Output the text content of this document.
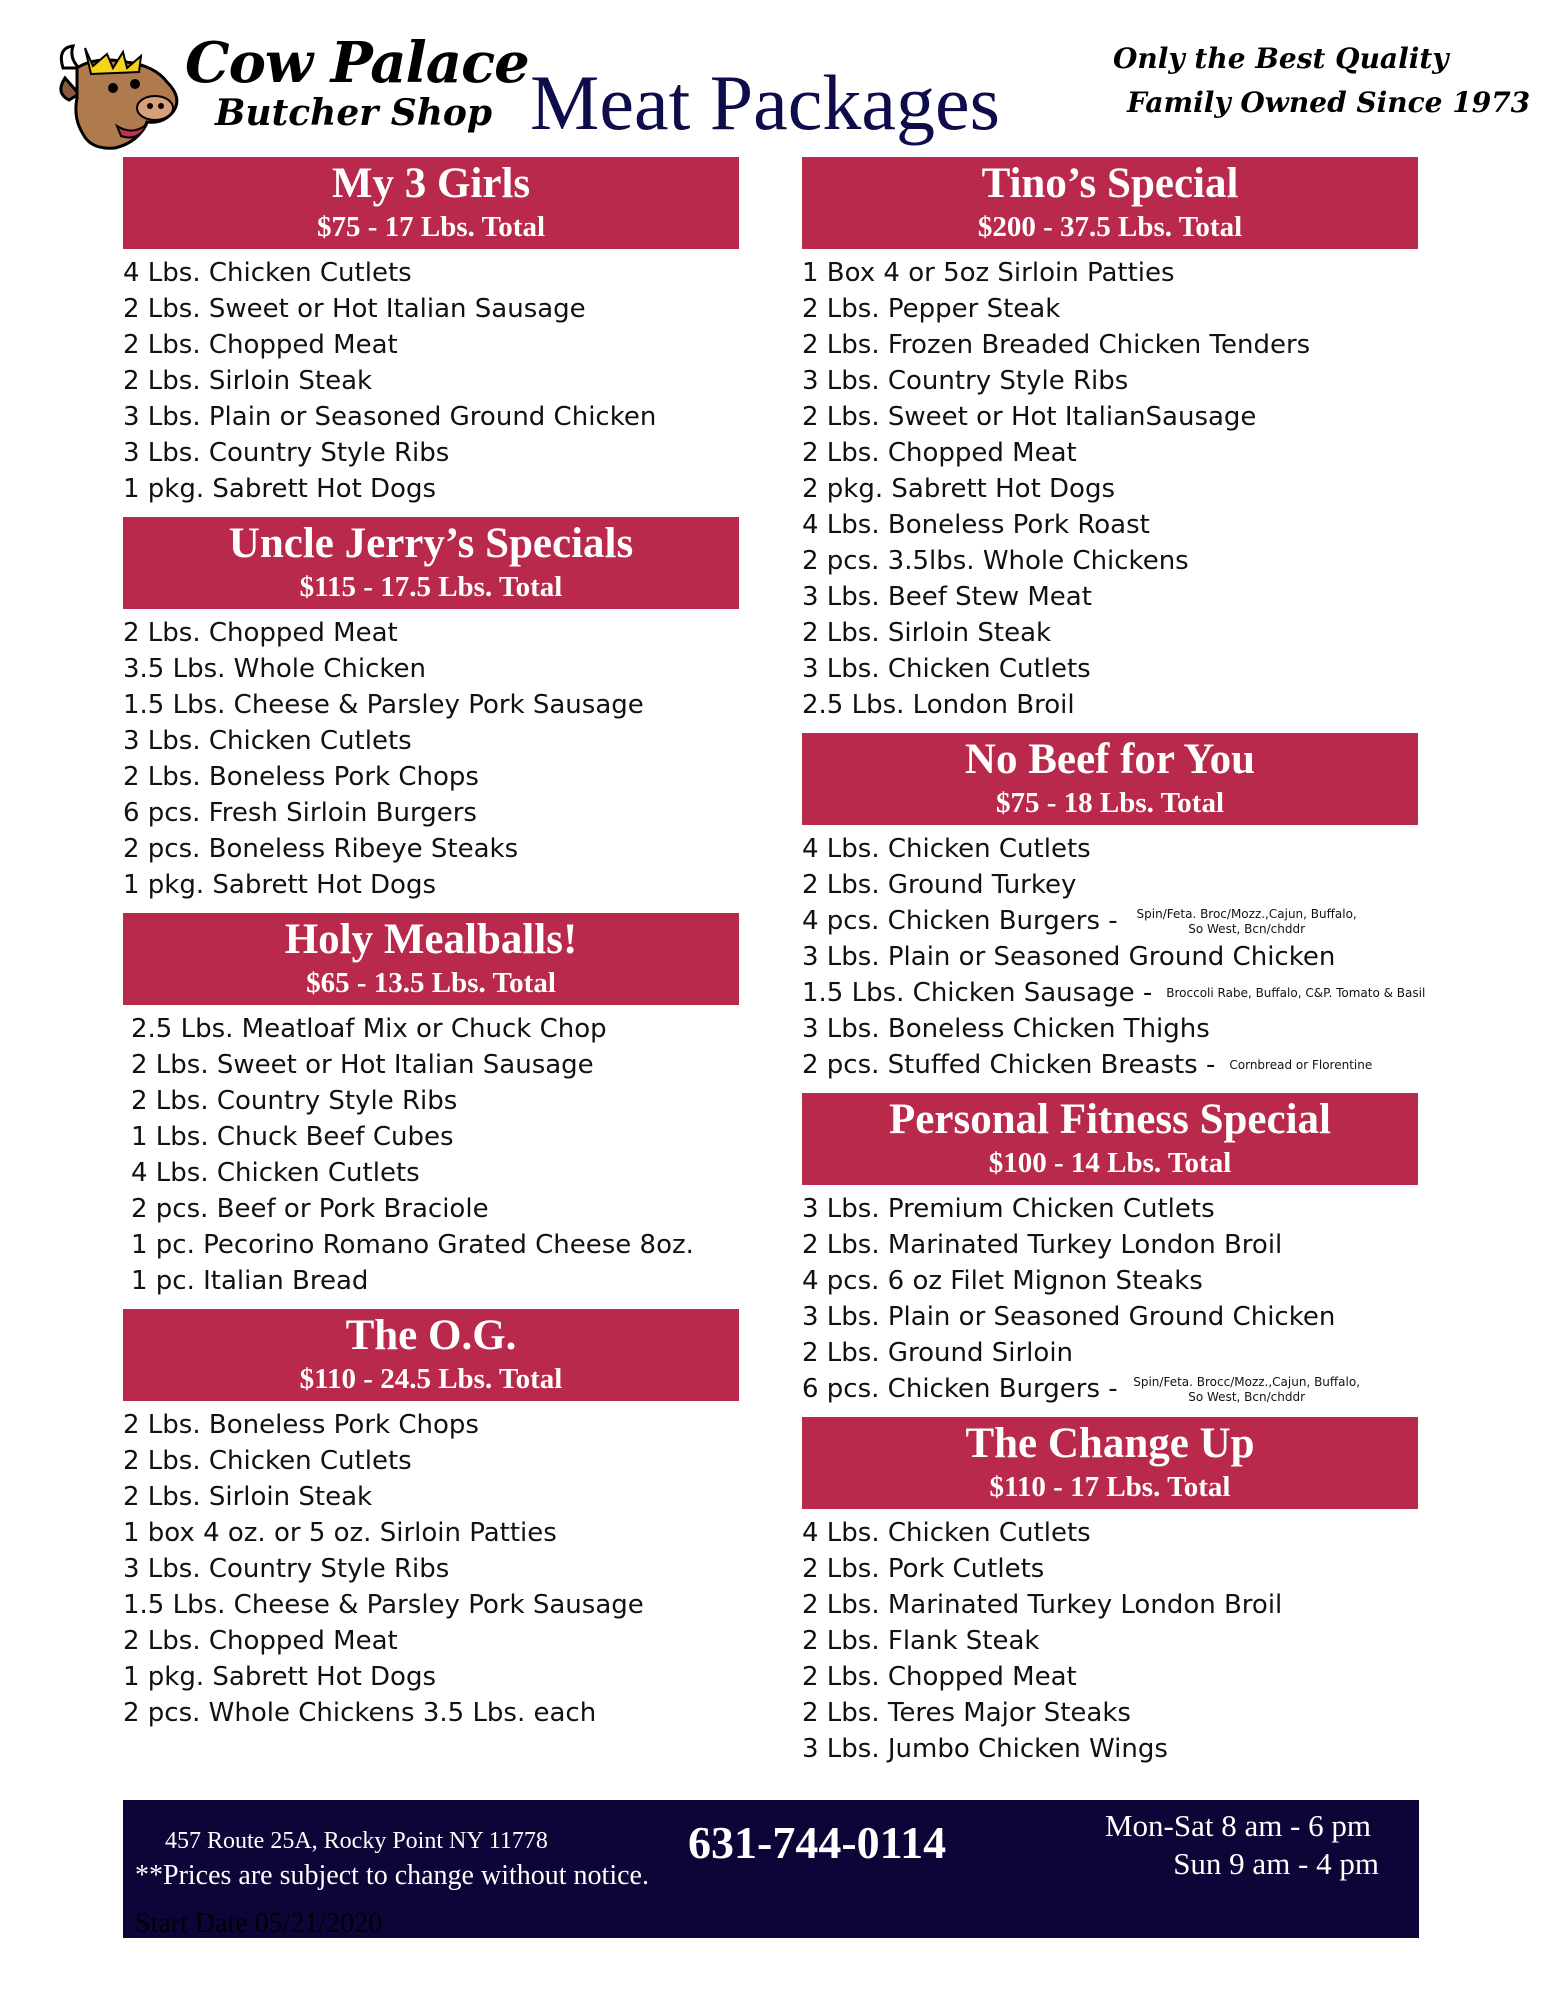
Cow Palace
Butcher Shop Meat Packages
Only the Best Quality
Family Owned Since 1973
My 3 Girls
$75 - 17 Lbs. Total
4 Lbs. Chicken Cutlets
2 Lbs. Sweet or Hot Italian Sausage
2 Lbs. Chopped Meat
2 Lbs. Sirloin Steak
3 Lbs. Plain or Seasoned Ground Chicken
3 Lbs. Country Style Ribs
1 pkg. Sabrett Hot Dogs
Uncle Jerry’s Specials
$115 - 17.5 Lbs. Total
2 Lbs. Chopped Meat
3.5 Lbs. Whole Chicken
1.5 Lbs. Cheese & Parsley Pork Sausage
3 Lbs. Chicken Cutlets
2 Lbs. Boneless Pork Chops
6 pcs. Fresh Sirloin Burgers
2 pcs. Boneless Ribeye Steaks
1 pkg. Sabrett Hot Dogs
Holy Mealballs!
$65 - 13.5 Lbs. Total
2.5 Lbs. Meatloaf Mix or Chuck Chop
2 Lbs. Sweet or Hot Italian Sausage
2 Lbs. Country Style Ribs
1 Lbs. Chuck Beef Cubes
4 Lbs. Chicken Cutlets
2 pcs. Beef or Pork Braciole
1 pc. Pecorino Romano Grated Cheese 8oz.
1 pc. Italian Bread
The O.G.
$110 - 24.5 Lbs. Total
2 Lbs. Boneless Pork Chops
2 Lbs. Chicken Cutlets
2 Lbs. Sirloin Steak
1 box 4 oz. or 5 oz. Sirloin Patties
3 Lbs. Country Style Ribs
1.5 Lbs. Cheese & Parsley Pork Sausage
2 Lbs. Chopped Meat
1 pkg. Sabrett Hot Dogs
2 pcs. Whole Chickens 3.5 Lbs. each
Tino’s Special
$200 - 37.5 Lbs. Total
1 Box 4 or 5oz Sirloin Patties
2 Lbs. Pepper Steak
2 Lbs. Frozen Breaded Chicken Tenders
3 Lbs. Country Style Ribs
2 Lbs. Sweet or Hot ItalianSausage
2 Lbs. Chopped Meat
2 pkg. Sabrett Hot Dogs
4 Lbs. Boneless Pork Roast
2 pcs. 3.5lbs. Whole Chickens
3 Lbs. Beef Stew Meat
2 Lbs. Sirloin Steak
3 Lbs. Chicken Cutlets
2.5 Lbs. London Broil
No Beef for You
$75 - 18 Lbs. Total
4 Lbs. Chicken Cutlets
2 Lbs. Ground Turkey
4 pcs. Chicken Burgers - Spin/Feta. Broc/Mozz.,Cajun, Buffalo, So West, Bcn/chddr
3 Lbs. Plain or Seasoned Ground Chicken
1.5 Lbs. Chicken Sausage - Broccoli Rabe, Buffalo, C&P. Tomato & Basil
3 Lbs. Boneless Chicken Thighs
2 pcs. Stuffed Chicken Breasts - Cornbread or Florentine
Personal Fitness Special
$100 - 14 Lbs. Total
3 Lbs. Premium Chicken Cutlets
2 Lbs. Marinated Turkey London Broil
4 pcs. 6 oz Filet Mignon Steaks
3 Lbs. Plain or Seasoned Ground Chicken
2 Lbs. Ground Sirloin
6 pcs. Chicken Burgers - Spin/Feta. Brocc/Mozz.,Cajun, Buffalo, So West, Bcn/chddr
The Change Up
$110 - 17 Lbs. Total
4 Lbs. Chicken Cutlets
2 Lbs. Pork Cutlets
2 Lbs. Marinated Turkey London Broil
2 Lbs. Flank Steak
2 Lbs. Chopped Meat
2 Lbs. Teres Major Steaks
3 Lbs. Jumbo Chicken Wings
457 Route 25A, Rocky Point NY 11778
**Prices are subject to change without notice.
631-744-0114	Mon-Sat 8 am - 6 pm
Sun 9 am - 4 pm
Start Date 05/21/2020
